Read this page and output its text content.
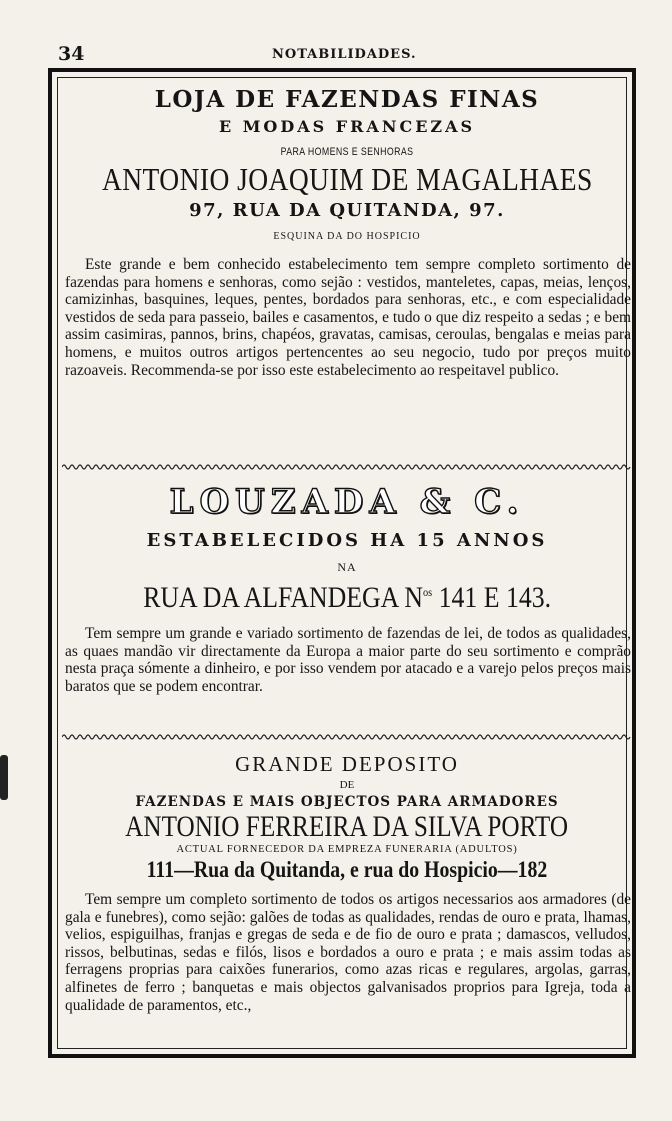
34	NOTABILIDADES.
LOJA DE FAZENDAS FINAS
E MODAS FRANCEZAS
PARA HOMENS E SENHORAS
ANTONIO JOAQUIM DE MAGALHAES
97, RUA DA QUITANDA, 97.
ESQUINA DA DO HOSPICIO
Este grande e bem conhecido estabelecimento tem sempre completo sortimento de fazendas para homens e senhoras, como sejão : vestidos, manteletes, capas, meias, lenços, camizinhas, basquines, leques, pentes, bordados para senhoras, etc., e com especialidade vestidos de seda para passeio, bailes e casamentos, e tudo o que diz respeito a sedas ; e bem assim casimiras, pannos, brins, chapéos, gravatas, camisas, ceroulas, bengalas e meias para homens, e muitos outros artigos pertencentes ao seu negocio, tudo por preços muito razoaveis. Recommenda-se por isso este estabelecimento ao respeitavel publico.
LOUZADA & C.
ESTABELECIDOS HA 15 ANNOS
NA
RUA DA ALFANDEGA $N^{os}$ 141 E 143.
Tem sempre um grande e variado sortimento de fazendas de lei, de todos as qualidades, as quaes mandão vir directamente da Europa a maior parte do seu sortimento e comprão nesta praça sómente a dinheiro, e por isso vendem por atacado e a varejo pelos preços mais baratos que se podem encontrar.
GRANDE DEPOSITO
DE
FAZENDAS E MAIS OBJECTOS PARA ARMADORES
ANTONIO FERREIRA DA SILVA PORTO
ACTUAL FORNECEDOR DA EMPREZA FUNERARIA (ADULTOS)
111—Rua da Quitanda, e rua do Hospicio—182
Tem sempre um completo sortimento de todos os artigos necessarios aos armadores (de gala e funebres), como sejão: galões de todas as qualidades, rendas de ouro e prata, lhamas, velios, espiguilhas, franjas e gregas de seda e de fio de ouro e prata ; damascos, velludos, rissos, belbutinas, sedas e filós, lisos e bordados a ouro e prata ; e mais assim todas as ferragens proprias para caixões funerarios, como azas ricas e regulares, argolas, garras, alfinetes de ferro ; banquetas e mais objectos galvanisados proprios para Igreja, toda a qualidade de paramentos, etc.,
